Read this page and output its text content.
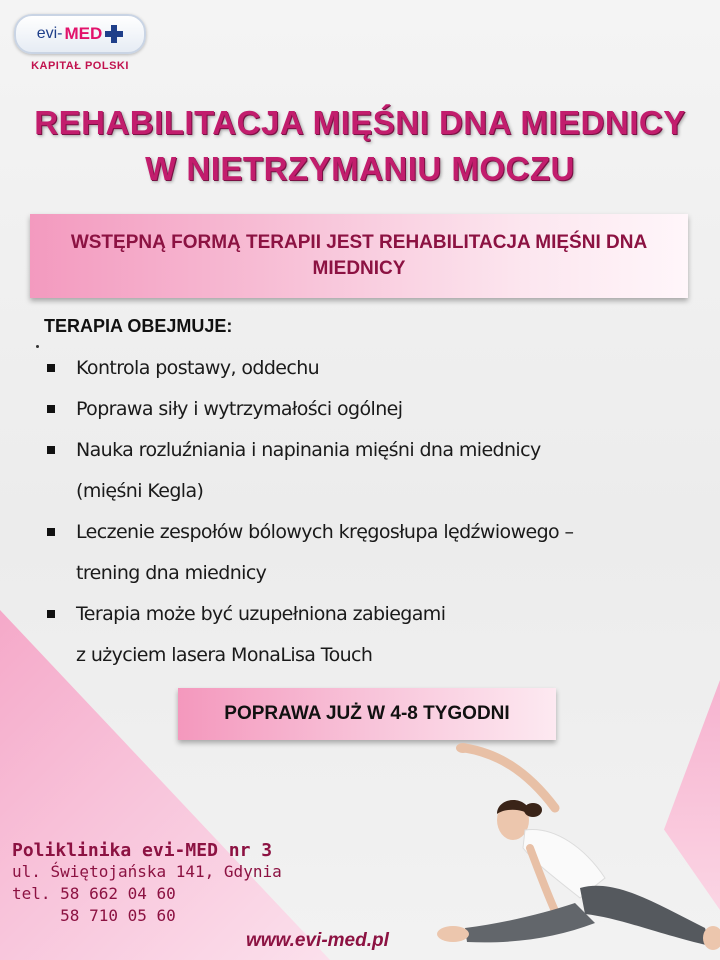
evi- MED
KAPITAŁ POLSKI
REHABILITACJA MIĘŚNI DNA MIEDNICY
W NIETRZYMANIU MOCZU
WSTĘPNĄ FORMĄ TERAPII JEST REHABILITACJA MIĘŚNI DNA MIEDNICY
TERAPIA OBEJMUJE:
Kontrola postawy, oddechu
Poprawa siły i wytrzymałości ogólnej
Nauka rozluźniania i napinania mięśni dna miednicy
(mięśni Kegla)
Leczenie zespołów bólowych kręgosłupa lędźwiowego –
trening dna miednicy
Terapia może być uzupełniona zabiegami
z użyciem lasera MonaLisa Touch
POPRAWA JUŻ W 4-8 TYGODNI
Poliklinika evi-MED nr 3
ul. Świętojańska 141, Gdynia
tel. 58 662 04 60
58 710 05 60
www.evi-med.pl
